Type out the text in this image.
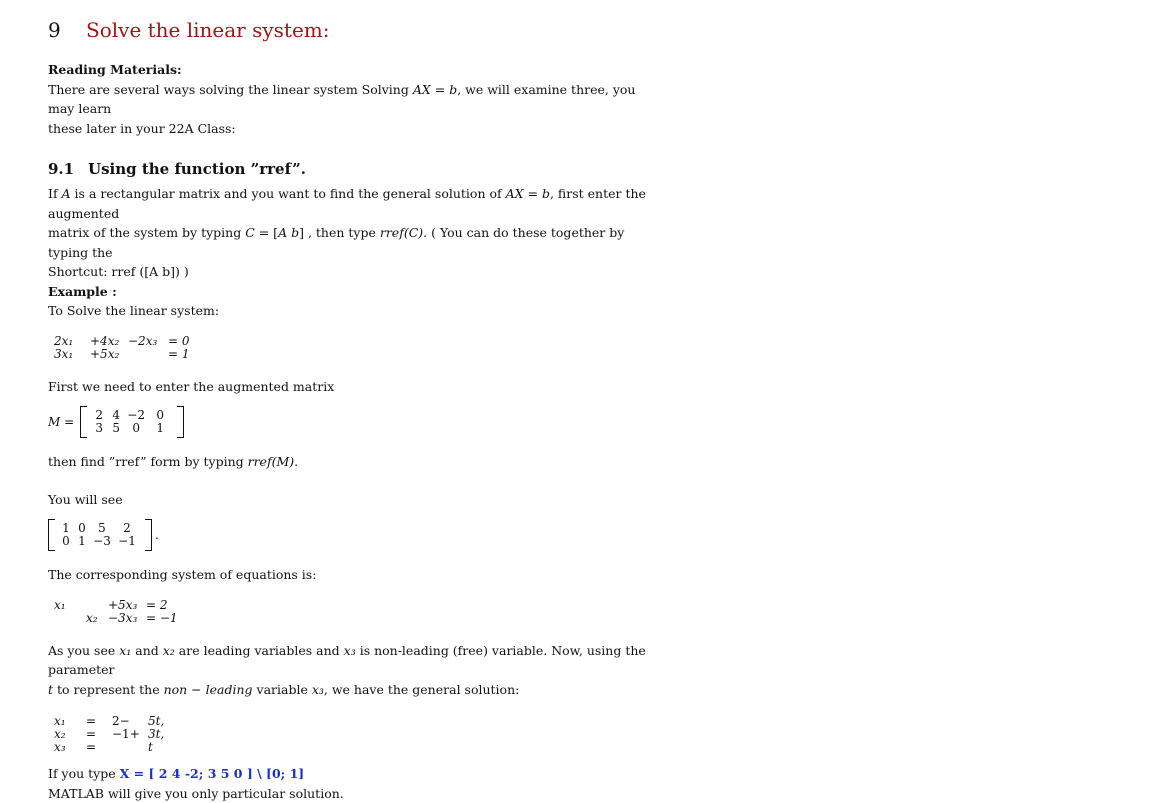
9	Solve the linear system:

Reading Materials:

There are several ways solving the linear system Solving AX = b, we will examine three, you may learn
these later in your 22A Class:

9.1 Using the function ”rref”.

If A is a rectangular matrix and you want to find the general solution of AX = b, first enter the augmented
matrix of the system by typing C = [A b] , then type rref(C). ( You can do these together by typing the
Shortcut: rref ([A b]) )

Example :

To Solve the linear system:

2x₁	+4x₂ −2x₃ = 0
3x₁	+5x₂	= 1

First we need to enter the augmented matrix

M =	2 4 −2 0
3 5	0	1

then find ”rref” form by typing rref(M).

You will see

1 0	5	2
0 1 −3 −1	.

The corresponding system of equations is:

x₁	+5x₃ = 2
x₂ −3x₃ = −1

As you see x₁ and x₂ are leading variables and x₃ is non-leading (free) variable. Now, using the parameter
t to represent the non − leading variable x₃, we have the general solution:

x₁	=	2−	5t,
x₂	=	−1+ 3t,
x₃	=	t

If you type X = [ 2 4 -2; 3 5 0 ] \ [0; 1]
MATLAB will give you only particular solution.
